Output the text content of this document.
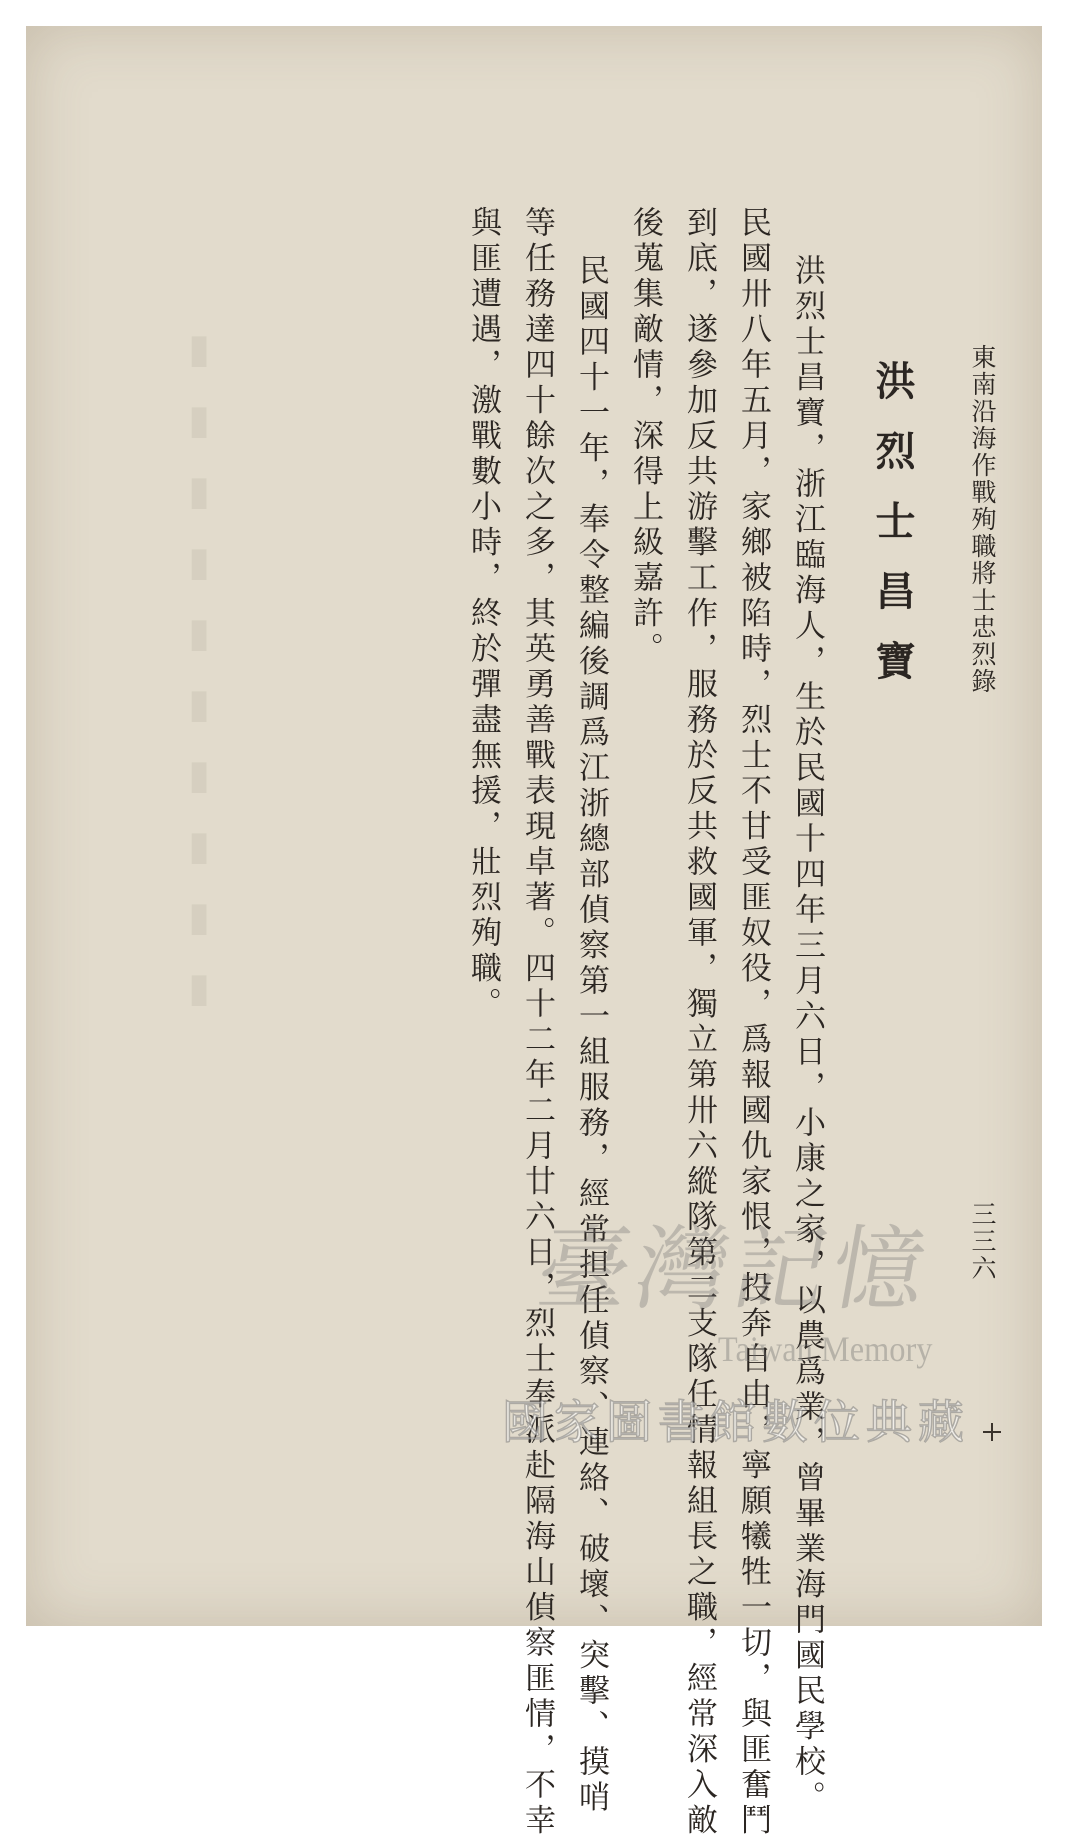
▮▮▮▮▮▮▮▮▮▮	東南沿海作戰殉職將士忠烈錄
三三六
洪烈士昌寶
洪烈士昌寶，浙江臨海人，生於民國十四年三月六日，小康之家，以農爲業，曾畢業海門國民學校。
民國卅八年五月，家鄉被陷時，烈士不甘受匪奴役，爲報國仇家恨，投奔自由，寧願犧牲一切，與匪奮鬥
到底，遂參加反共游擊工作，服務於反共救國軍，獨立第卅六縱隊第二支隊任情報組長之職，經常深入敵
後蒐集敵情，深得上級嘉許。
民國四十一年，奉令整編後調爲江浙總部偵察第一組服務，經常担任偵察、連絡、破壞、突擊、摸哨
等任務達四十餘次之多，其英勇善戰表現卓著。四十二年二月廿六日，烈士奉派赴隔海山偵察匪情，不幸
與匪遭遇，激戰數小時，終於彈盡無援，壯烈殉職。
臺灣記憶
Taiwan Memory
國家圖書館數位典藏
